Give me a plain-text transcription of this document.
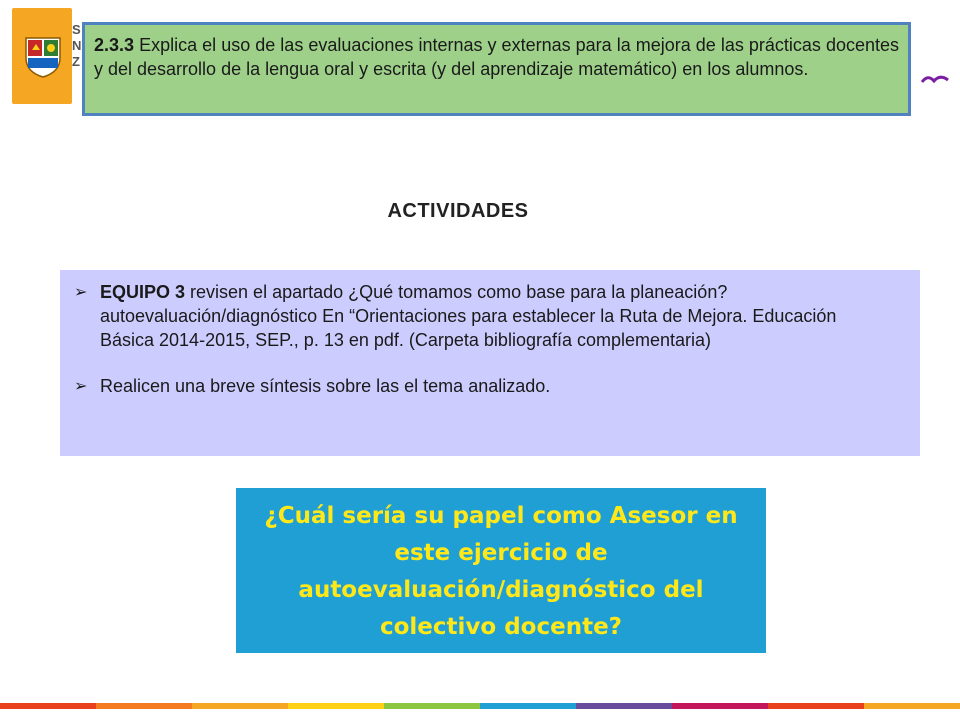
S
N
Z
2.3.3 Explica el uso de las evaluaciones internas y externas para la mejora de las prácticas docentes y del desarrollo de la lengua oral y escrita (y del aprendizaje matemático) en los alumnos.
ACTIVIDADES
➢ EQUIPO 3 revisen el apartado ¿Qué tomamos como base para la planeación? autoevaluación/diagnóstico En “Orientaciones para establecer la Ruta de Mejora. Educación Básica 2014-2015, SEP., p. 13 en pdf. (Carpeta bibliografía complementaria)
➢ Realicen una breve síntesis sobre las el tema analizado.
¿Cuál sería su papel como Asesor en este ejercicio de autoevaluación/diagnóstico del colectivo docente?
